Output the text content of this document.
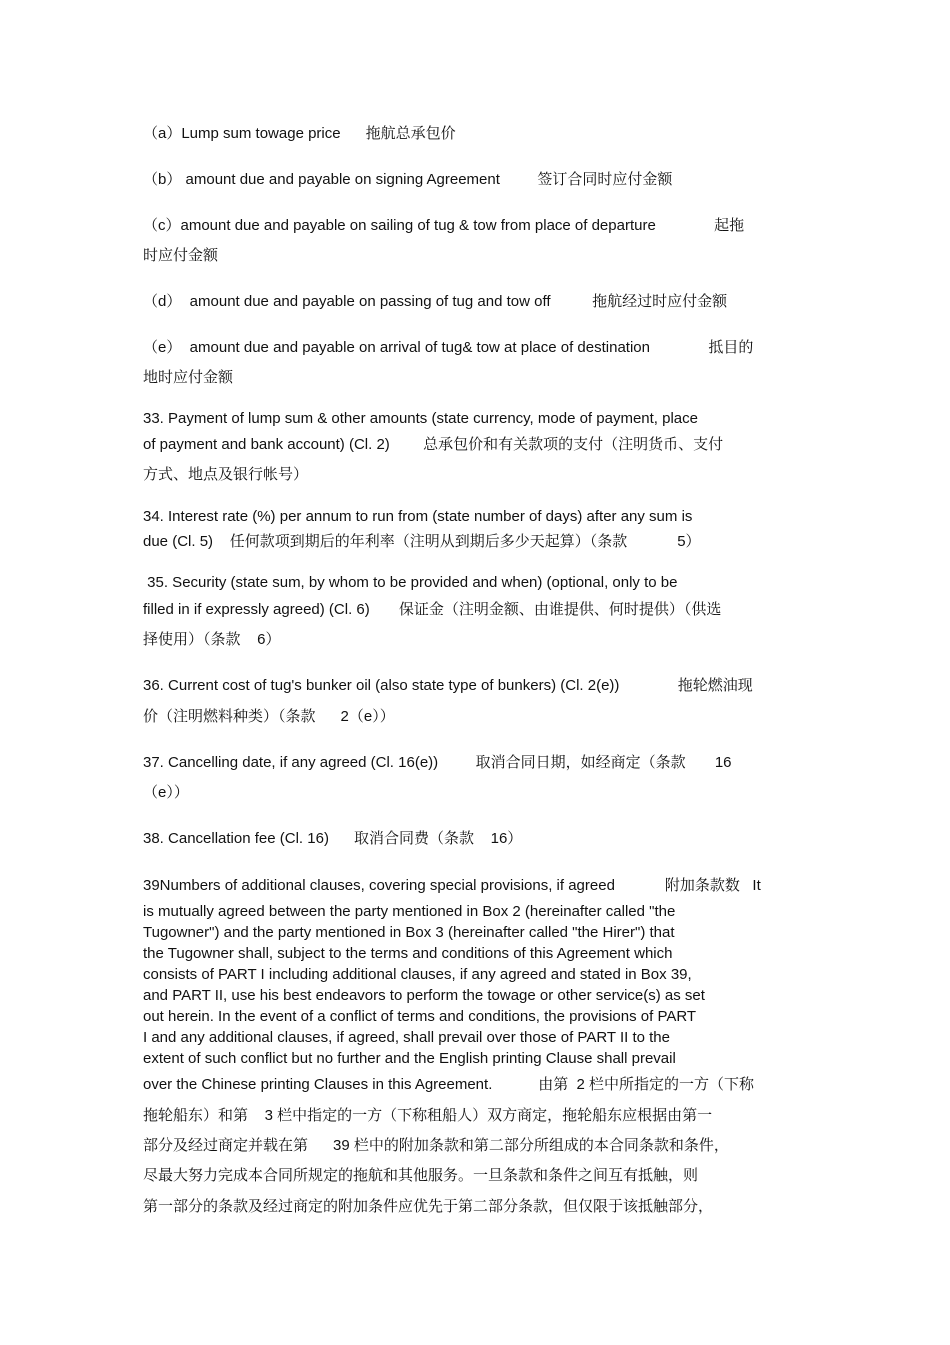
（a）Lump sum towage price      拖航总承包价
（b） amount due and payable on signing Agreement         签订合同时应付金额
（c）amount due and payable on sailing of tug & tow from place of departure              起拖
时应付金额
（d）  amount due and payable on passing of tug and tow off          拖航经过时应付金额
（e）  amount due and payable on arrival of tug& tow at place of destination              抵目的
地时应付金额
33. Payment of lump sum & other amounts (state currency, mode of payment, place
of payment and bank account) (Cl. 2)        总承包价和有关款项的支付（注明货币、支付
方式、地点及银行帐号）
34. Interest rate (%) per annum to run from (state number of days) after any sum is
due (Cl. 5)    任何款项到期后的年利率（注明从到期后多少天起算）（条款            5）
35. Security (state sum, by whom to be provided and when) (optional, only to be
filled in if expressly agreed) (Cl. 6)       保证金（注明金额、由谁提供、何时提供）（供选
择使用）（条款    6）
36. Current cost of tug's bunker oil (also state type of bunkers) (Cl. 2(e))              拖轮燃油现
价（注明燃料种类）（条款      2（e））
37. Cancelling date, if any agreed (Cl. 16(e))         取消合同日期，如经商定（条款       16
（e））
38. Cancellation fee (Cl. 16)      取消合同费（条款    16）
39Numbers of additional clauses, covering special provisions, if agreed            附加条款数   It
is mutually agreed between the party mentioned in Box 2 (hereinafter called "the
Tugowner") and the party mentioned in Box 3 (hereinafter called "the Hirer") that
the Tugowner shall, subject to the terms and conditions of this Agreement which
consists of PART I including additional clauses, if any agreed and stated in Box 39,
and PART II, use his best endeavors to perform the towage or other service(s) as set
out herein. In the event of a conflict of terms and conditions, the provisions of PART
I and any additional clauses, if agreed, shall prevail over those of PART II to the
extent of such conflict but no further and the English printing Clause shall prevail
over the Chinese printing Clauses in this Agreement.           由第  2 栏中所指定的一方（下称
拖轮船东）和第    3 栏中指定的一方（下称租船人）双方商定，拖轮船东应根据由第一
部分及经过商定并载在第      39 栏中的附加条款和第二部分所组成的本合同条款和条件，
尽最大努力完成本合同所规定的拖航和其他服务。一旦条款和条件之间互有抵触，则
第一部分的条款及经过商定的附加条件应优先于第二部分条款，但仅限于该抵触部分，
